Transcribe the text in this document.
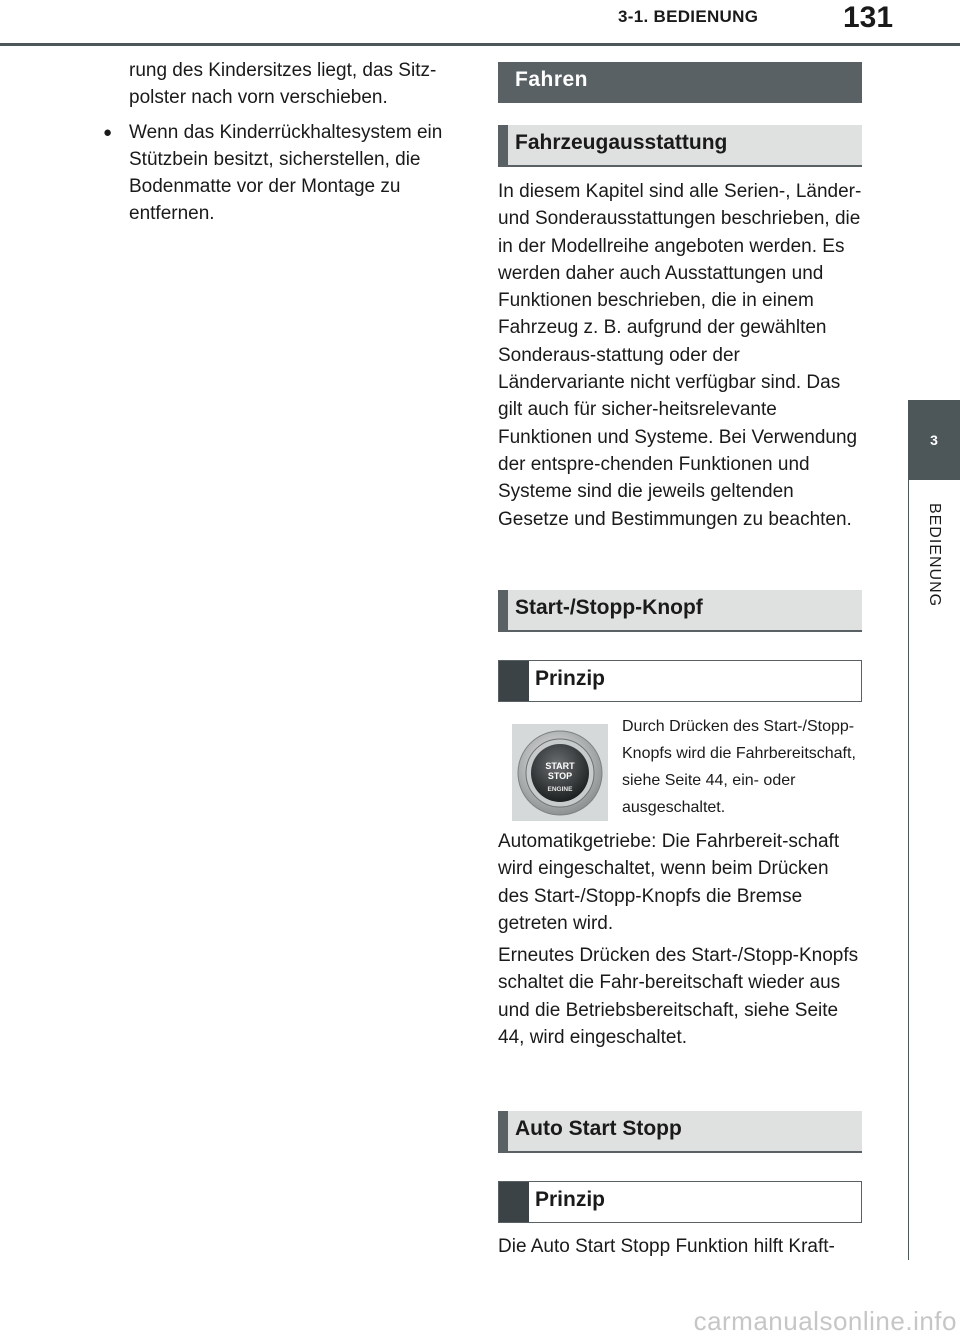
3-1. BEDIENUNG	131
3
BEDIENUNG

rung des Kindersitzes liegt, das Sitz-polster nach vorn verschieben.

● Wenn das Kinderrückhaltesystem ein Stützbein besitzt, sicherstellen, die Bodenmatte vor der Montage zu entfernen.

Fahren
Fahrzeugausstattung

In diesem Kapitel sind alle Serien-, Länder- und Sonderausstattungen beschrieben, die in der Modellreihe angeboten werden. Es werden daher auch Ausstattungen und Funktionen beschrieben, die in einem Fahrzeug z. B. aufgrund der gewählten Sonderaus-stattung oder der Ländervariante nicht verfügbar sind. Das gilt auch für sicher-heitsrelevante Funktionen und Systeme. Bei Verwendung der entspre-chenden Funktionen und Systeme sind die jeweils geltenden Gesetze und Bestimmungen zu beachten.

Start-/Stopp-Knopf
Prinzip
START
STOP
ENGINE

Durch Drücken des Start-/Stopp-Knopfs wird die Fahrbereitschaft, siehe Seite 44, ein- oder ausgeschaltet.

Automatikgetriebe: Die Fahrbereit-schaft wird eingeschaltet, wenn beim Drücken des Start-/Stopp-Knopfs die Bremse getreten wird.

Erneutes Drücken des Start-/Stopp-Knopfs schaltet die Fahr-bereitschaft wieder aus und die Betriebsbereitschaft, siehe Seite 44, wird eingeschaltet.

Auto Start Stopp
Prinzip

Die Auto Start Stopp Funktion hilft Kraft-

carmanualsonline.info
